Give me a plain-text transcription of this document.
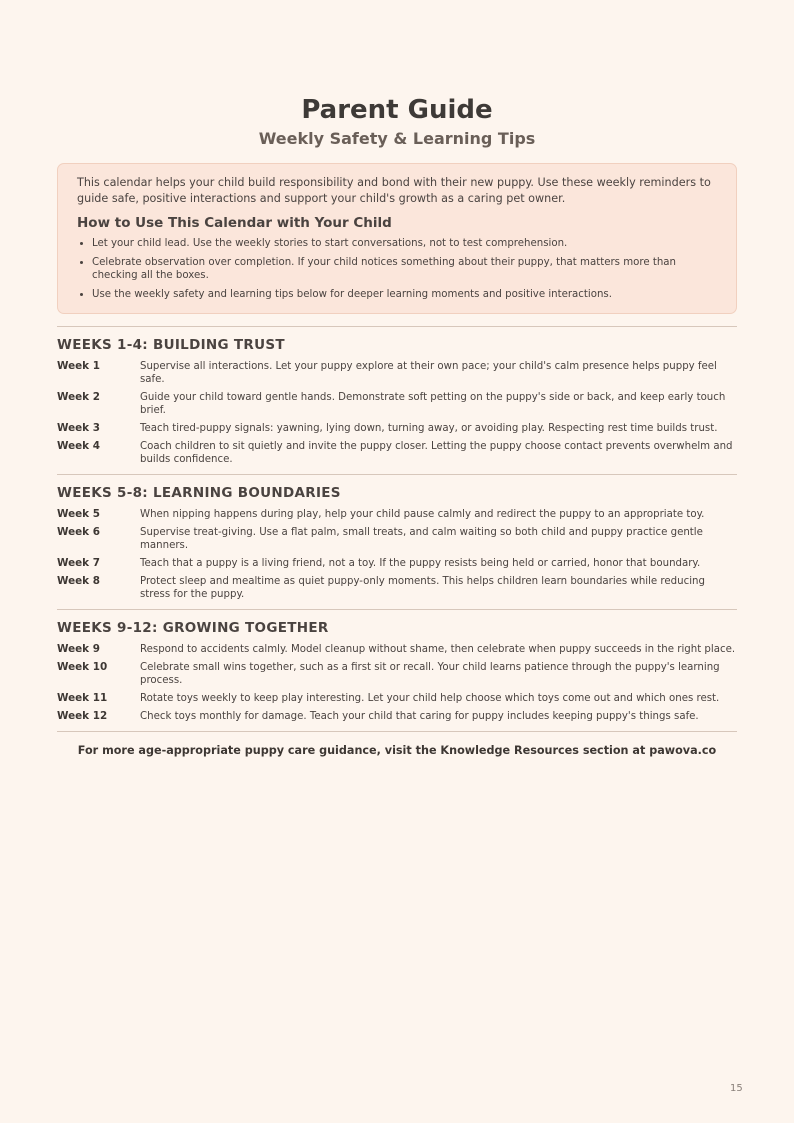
Parent Guide
Weekly Safety & Learning Tips

This calendar helps your child build responsibility and bond with their new puppy. Use these weekly reminders to guide safe, positive interactions and support your child's growth as a caring pet owner.

How to Use This Calendar with Your Child
• Let your child lead. Use the weekly stories to start conversations, not to test comprehension.
• Celebrate observation over completion. If your child notices something about their puppy, that matters more than checking all the boxes.
• Use the weekly safety and learning tips below for deeper learning moments and positive interactions.
WEEKS 1-4: BUILDING TRUST
Week 1	Supervise all interactions. Let your puppy explore at their own pace; your child's calm presence helps puppy feel safe.
Week 2	Guide your child toward gentle hands. Demonstrate soft petting on the puppy's side or back, and keep early touch brief.
Week 3	Teach tired-puppy signals: yawning, lying down, turning away, or avoiding play. Respecting rest time builds trust.
Week 4	Coach children to sit quietly and invite the puppy closer. Letting the puppy choose contact prevents overwhelm and builds confidence.
WEEKS 5-8: LEARNING BOUNDARIES
Week 5	When nipping happens during play, help your child pause calmly and redirect the puppy to an appropriate toy.
Week 6	Supervise treat-giving. Use a flat palm, small treats, and calm waiting so both child and puppy practice gentle manners.
Week 7	Teach that a puppy is a living friend, not a toy. If the puppy resists being held or carried, honor that boundary.
Week 8	Protect sleep and mealtime as quiet puppy-only moments. This helps children learn boundaries while reducing stress for the puppy.
WEEKS 9-12: GROWING TOGETHER
Week 9	Respond to accidents calmly. Model cleanup without shame, then celebrate when puppy succeeds in the right place.
Week 10	Celebrate small wins together, such as a first sit or recall. Your child learns patience through the puppy's learning process.
Week 11	Rotate toys weekly to keep play interesting. Let your child help choose which toys come out and which ones rest.
Week 12	Check toys monthly for damage. Teach your child that caring for puppy includes keeping puppy's things safe.
For more age-appropriate puppy care guidance, visit the Knowledge Resources section at pawova.co
15
